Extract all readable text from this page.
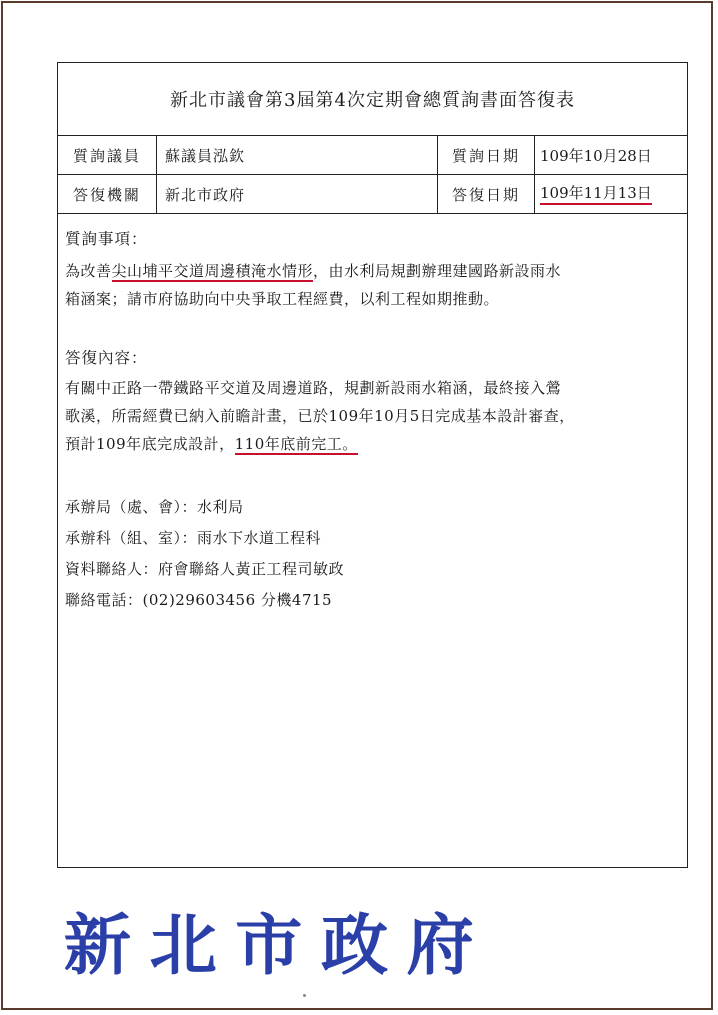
新北市議會第3屆第4次定期會總質詢書面答復表
質詢議員	蘇議員泓欽	質詢日期	109年10月28日
答復機關	新北市政府	答復日期	109年11月13日
質詢事項：
為改善尖山埔平交道周邊積淹水情形，由水利局規劃辦理建國路新設雨水
箱涵案；請市府協助向中央爭取工程經費，以利工程如期推動。
答復內容：
有關中正路一帶鐵路平交道及周邊道路，規劃新設雨水箱涵，最終接入鶯
歌溪，所需經費已納入前瞻計畫，已於109年10月5日完成基本設計審查，
預計109年底完成設計，110年底前完工。
承辦局（處、會）：水利局
承辦科（組、室）：雨水下水道工程科
資料聯絡人：府會聯絡人黃正工程司敏政
聯絡電話：(02)29603456 分機4715
新北市政府
